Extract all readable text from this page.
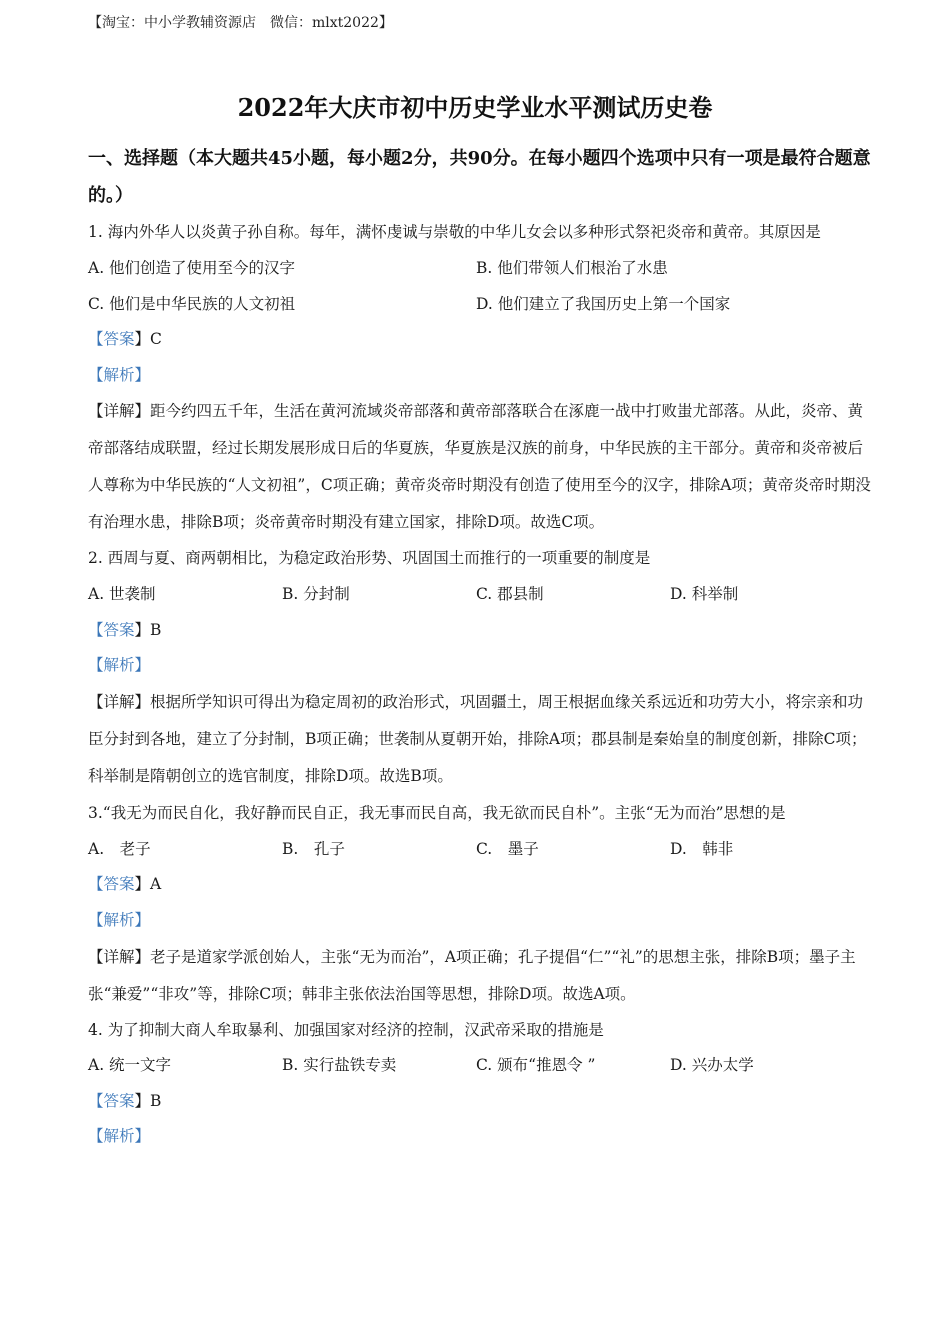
【淘宝：中小学教辅资源店　微信：mlxt2022】
2022年大庆市初中历史学业水平测试历史卷

一、选择题（本大题共45小题，每小题2分，共90分。在每小题四个选项中只有一项是最符合题意的。）

1. 海内外华人以炎黄子孙自称。每年，满怀虔诚与崇敬的中华儿女会以多种形式祭祀炎帝和黄帝。其原因是

A. 他们创造了使用至今的汉字	B. 他们带领人们根治了水患
C. 他们是中华民族的人文初祖	D. 他们建立了我国历史上第一个国家

【答案】C

【解析】

【详解】距今约四五千年，生活在黄河流域炎帝部落和黄帝部落联合在涿鹿一战中打败蚩尤部落。从此，炎帝、黄帝部落结成联盟，经过长期发展形成日后的华夏族，华夏族是汉族的前身，中华民族的主干部分。黄帝和炎帝被后人尊称为中华民族的“人文初祖”，C项正确；黄帝炎帝时期没有创造了使用至今的汉字，排除A项；黄帝炎帝时期没有治理水患，排除B项；炎帝黄帝时期没有建立国家，排除D项。故选C项。

2. 西周与夏、商两朝相比，为稳定政治形势、巩固国土而推行的一项重要的制度是

A. 世袭制	B. 分封制	C. 郡县制	D. 科举制

【答案】B

【解析】

【详解】根据所学知识可得出为稳定周初的政治形式，巩固疆土，周王根据血缘关系远近和功劳大小，将宗亲和功臣分封到各地，建立了分封制，B项正确；世袭制从夏朝开始，排除A项；郡县制是秦始皇的制度创新，排除C项；科举制是隋朝创立的选官制度，排除D项。故选B项。

3.“我无为而民自化，我好静而民自正，我无事而民自高，我无欲而民自朴”。主张“无为而治”思想的是

A.　老子	B.　孔子	C.　墨子	D.　韩非

【答案】A

【解析】

【详解】老子是道家学派创始人，主张“无为而治”，A项正确；孔子提倡“仁”“礼”的思想主张，排除B项；墨子主张“兼爱”“非攻”等，排除C项；韩非主张依法治国等思想，排除D项。故选A项。

4. 为了抑制大商人牟取暴利、加强国家对经济的控制，汉武帝采取的措施是

A. 统一文字	B. 实行盐铁专卖	C. 颁布“推恩令 ”	D. 兴办太学

【答案】B

【解析】
